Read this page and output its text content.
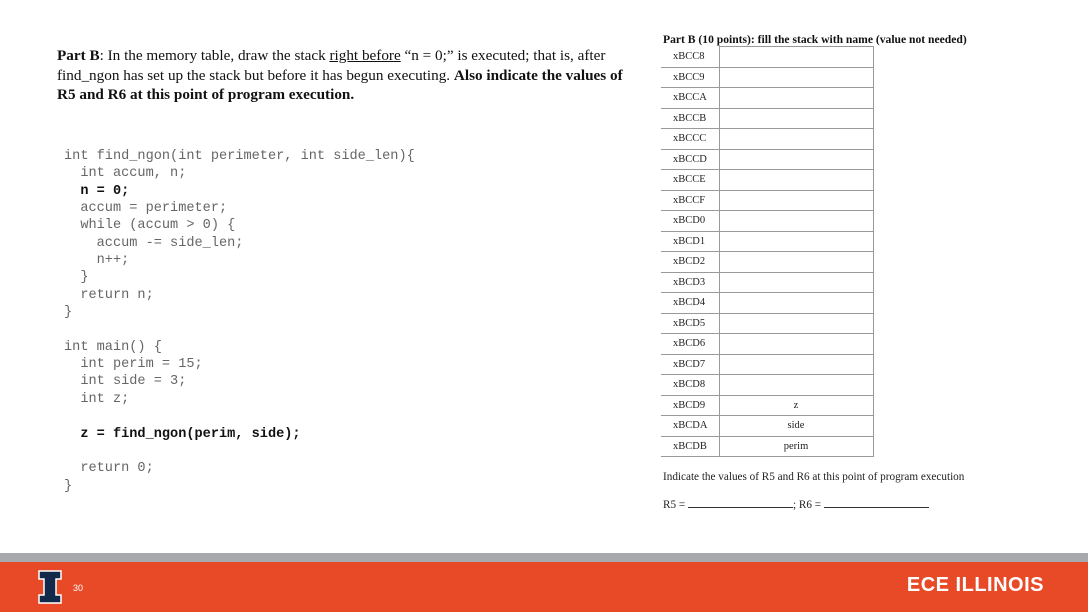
Part B: In the memory table, draw the stack right before “n = 0;” is executed; that is, after find_ngon has set up the stack but before it has begun executing. Also indicate the values of R5 and R6 at this point of program execution.
int find_ngon(int perimeter, int side_len){
int accum, n;
n = 0;
accum = perimeter;
while (accum > 0) {
accum -= side_len;
n++;
}
return n;
}
int main() {
int perim = 15;
int side = 3;
int z;
z = find_ngon(perim, side);
return 0;
}
Part B (10 points): fill the stack with name (value not needed)
xBCC8	
xBCC9	
xBCCA	
xBCCB	
xBCCC	
xBCCD	
xBCCE	
xBCCF	
xBCD0	
xBCD1	
xBCD2	
xBCD3	
xBCD4	
xBCD5	
xBCD6	
xBCD7	
xBCD8	
xBCD9	z
xBCDA	side
xBCDB	perim
Indicate the values of R5 and R6 at this point of program execution
R5 =	; R6 =
30	ECE ILLINOIS
